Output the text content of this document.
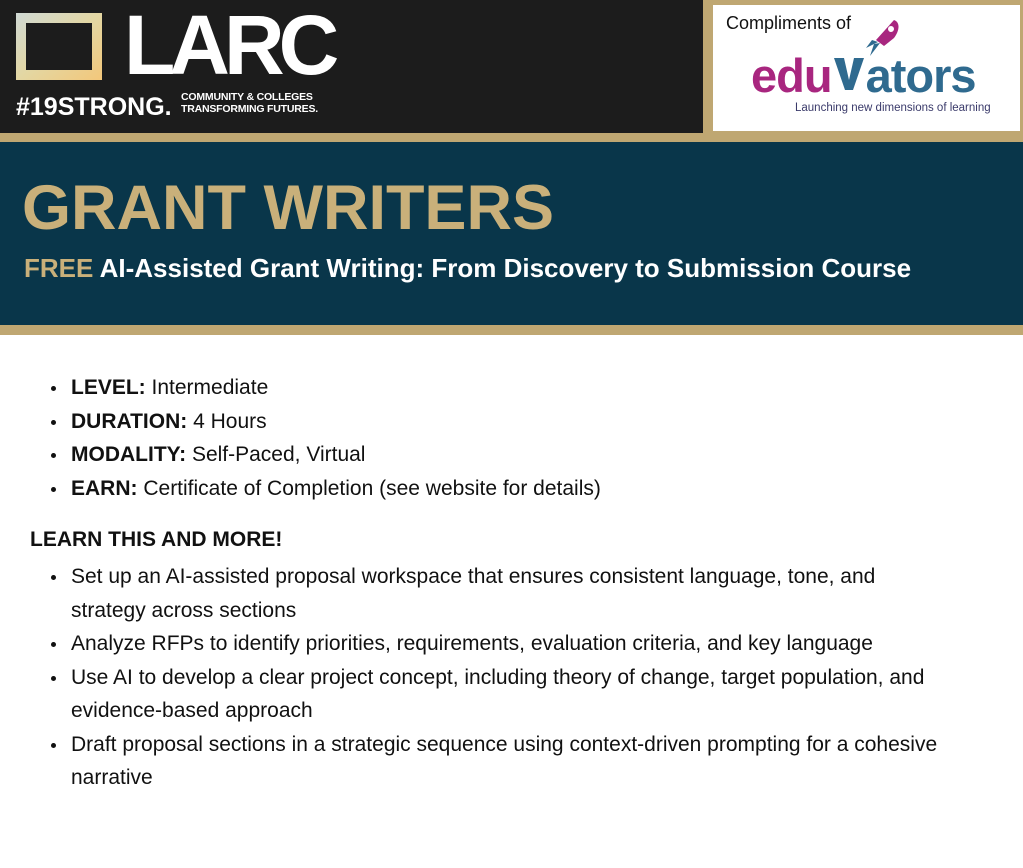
LARC
#19STRONG. COMMUNITY & COLLEGES
TRANSFORMING FUTURES.
Compliments of
edu ators
Launching new dimensions of learning
GRANT WRITERS
FREE AI-Assisted Grant Writing: From Discovery to Submission Course
LEVEL: Intermediate
DURATION: 4 Hours
MODALITY: Self-Paced, Virtual
EARN: Certificate of Completion (see website for details)
LEARN THIS AND MORE!
Set up an AI-assisted proposal workspace that ensures consistent language, tone, and strategy across sections
Analyze RFPs to identify priorities, requirements, evaluation criteria, and key language
Use AI to develop a clear project concept, including theory of change, target population, and evidence-based approach
Draft proposal sections in a strategic sequence using context-driven prompting for a cohesive narrative
